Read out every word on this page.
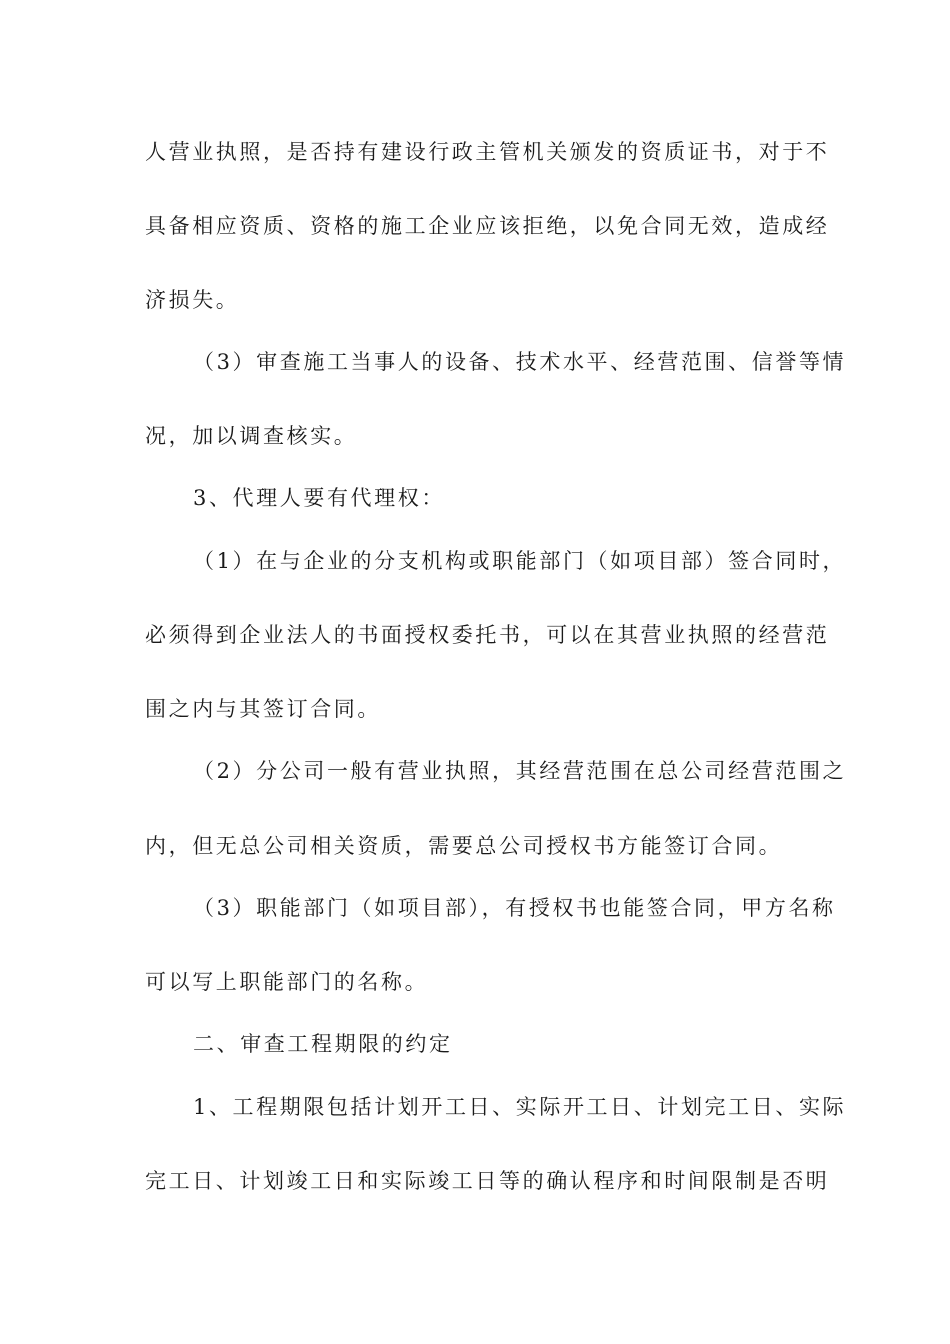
人营业执照，是否持有建设行政主管机关颁发的资质证书，对于不
具备相应资质、资格的施工企业应该拒绝，以免合同无效，造成经
济损失。
（3）审查施工当事人的设备、技术水平、经营范围、信誉等情
况，加以调查核实。
3、代理人要有代理权：
（1）在与企业的分支机构或职能部门（如项目部）签合同时，
必须得到企业法人的书面授权委托书，可以在其营业执照的经营范
围之内与其签订合同。
（2）分公司一般有营业执照，其经营范围在总公司经营范围之
内，但无总公司相关资质，需要总公司授权书方能签订合同。
（3）职能部门（如项目部），有授权书也能签合同，甲方名称
可以写上职能部门的名称。
二、审查工程期限的约定
1、工程期限包括计划开工日、实际开工日、计划完工日、实际
完工日、计划竣工日和实际竣工日等的确认程序和时间限制是否明
